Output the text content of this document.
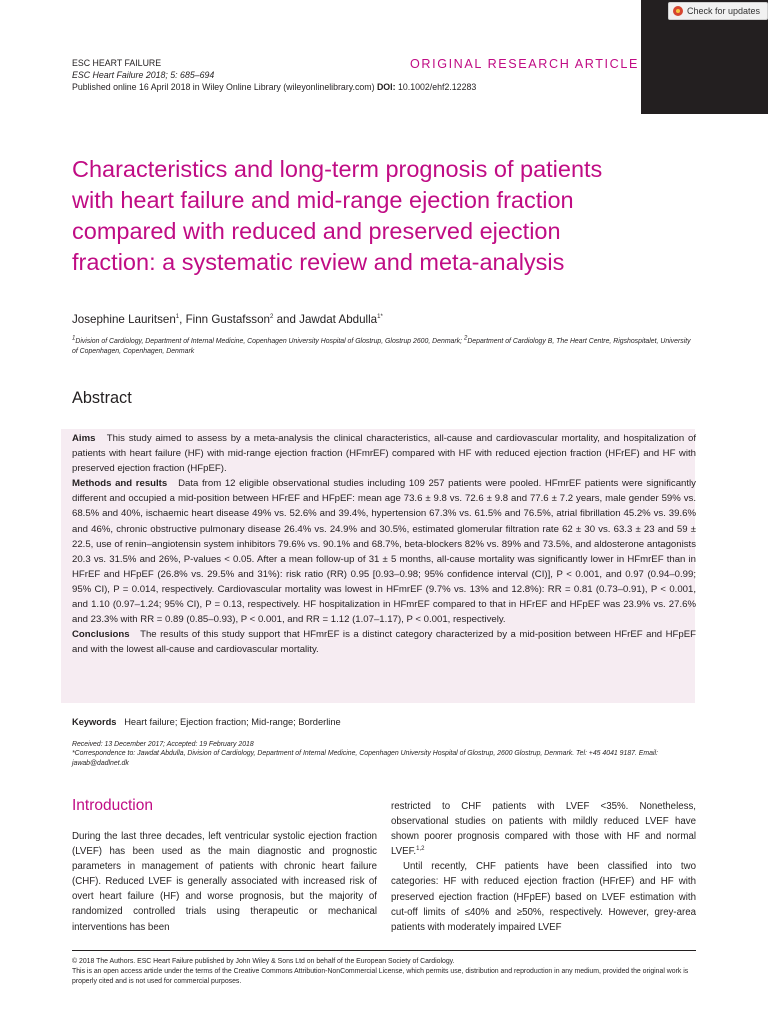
Check for updates
ESC HEART FAILURE
ESC Heart Failure 2018; 5: 685–694
Published online 16 April 2018 in Wiley Online Library (wileyonlinelibrary.com) DOI: 10.1002/ehf2.12283
ORIGINAL RESEARCH ARTICLE
Characteristics and long-term prognosis of patients
with heart failure and mid-range ejection fraction
compared with reduced and preserved ejection
fraction: a systematic review and meta-analysis
Josephine Lauritsen$^1$, Finn Gustafsson$^2$ and Jawdat Abdulla$^{1*}$
$^1$Division of Cardiology, Department of Internal Medicine, Copenhagen University Hospital of Glostrup, Glostrup 2600, Denmark; $^2$Department of Cardiology B, The Heart Centre, Rigshospitalet, University of Copenhagen, Copenhagen, Denmark
Abstract
Aims This study aimed to assess by a meta-analysis the clinical characteristics, all-cause and cardiovascular mortality, and hospitalization of patients with heart failure (HF) with mid-range ejection fraction (HFmrEF) compared with HF with reduced ejection fraction (HFrEF) and HF with preserved ejection fraction (HFpEF).
Methods and results Data from 12 eligible observational studies including 109 257 patients were pooled. HFmrEF patients were significantly different and occupied a mid-position between HFrEF and HFpEF: mean age 73.6 ± 9.8 vs. 72.6 ± 9.8 and 77.6 ± 7.2 years, male gender 59% vs. 68.5% and 40%, ischaemic heart disease 49% vs. 52.6% and 39.4%, hypertension 67.3% vs. 61.5% and 76.5%, atrial fibrillation 45.2% vs. 39.6% and 46%, chronic obstructive pulmonary disease 26.4% vs. 24.9% and 30.5%, estimated glomerular filtration rate 62 ± 30 vs. 63.3 ± 23 and 59 ± 22.5, use of renin–angiotensin system inhibitors 79.6% vs. 90.1% and 68.7%, beta-blockers 82% vs. 89% and 73.5%, and aldosterone antagonists 20.3 vs. 31.5% and 26%, P-values < 0.05. After a mean follow-up of 31 ± 5 months, all-cause mortality was significantly lower in HFmrEF than in HFrEF and HFpEF (26.8% vs. 29.5% and 31%): risk ratio (RR) 0.95 [0.93–0.98; 95% confidence interval (CI)], P < 0.001, and 0.97 (0.94–0.99; 95% CI), P = 0.014, respectively. Cardiovascular mortality was lowest in HFmrEF (9.7% vs. 13% and 12.8%): RR = 0.81 (0.73–0.91), P < 0.001, and 1.10 (0.97–1.24; 95% CI), P = 0.13, respectively. HF hospitalization in HFmrEF compared to that in HFrEF and HFpEF was 23.9% vs. 27.6% and 23.3% with RR = 0.89 (0.85–0.93), P < 0.001, and RR = 1.12 (1.07–1.17), P < 0.001, respectively.
Conclusions The results of this study support that HFmrEF is a distinct category characterized by a mid-position between HFrEF and HFpEF and with the lowest all-cause and cardiovascular mortality.
Keywords Heart failure; Ejection fraction; Mid-range; Borderline
Received: 13 December 2017; Accepted: 19 February 2018
*Correspondence to: Jawdat Abdulla, Division of Cardiology, Department of Internal Medicine, Copenhagen University Hospital of Glostrup, 2600 Glostrup, Denmark. Tel: +45 4041 9187. Email: jawab@dadlnet.dk
Introduction

During the last three decades, left ventricular systolic ejection fraction (LVEF) has been used as the main diagnostic and prognostic parameters in management of patients with chronic heart failure (CHF). Reduced LVEF is generally associated with increased risk of overt heart failure (HF) and worse prognosis, but the majority of randomized controlled trials using therapeutic or mechanical interventions has been

restricted to CHF patients with LVEF <35%. Nonetheless, observational studies on patients with mildly reduced LVEF have shown poorer prognosis compared with those with HF and normal LVEF.$^{1,2}$

Until recently, CHF patients have been classified into two categories: HF with reduced ejection fraction (HFrEF) and HF with preserved ejection fraction (HFpEF) based on LVEF estimation with cut-off limits of ≤40% and ≥50%, respectively. However, grey-area patients with moderately impaired LVEF

© 2018 The Authors. ESC Heart Failure published by John Wiley & Sons Ltd on behalf of the European Society of Cardiology.
This is an open access article under the terms of the Creative Commons Attribution-NonCommercial License, which permits use, distribution and reproduction in any medium, provided the original work is properly cited and is not used for commercial purposes.
